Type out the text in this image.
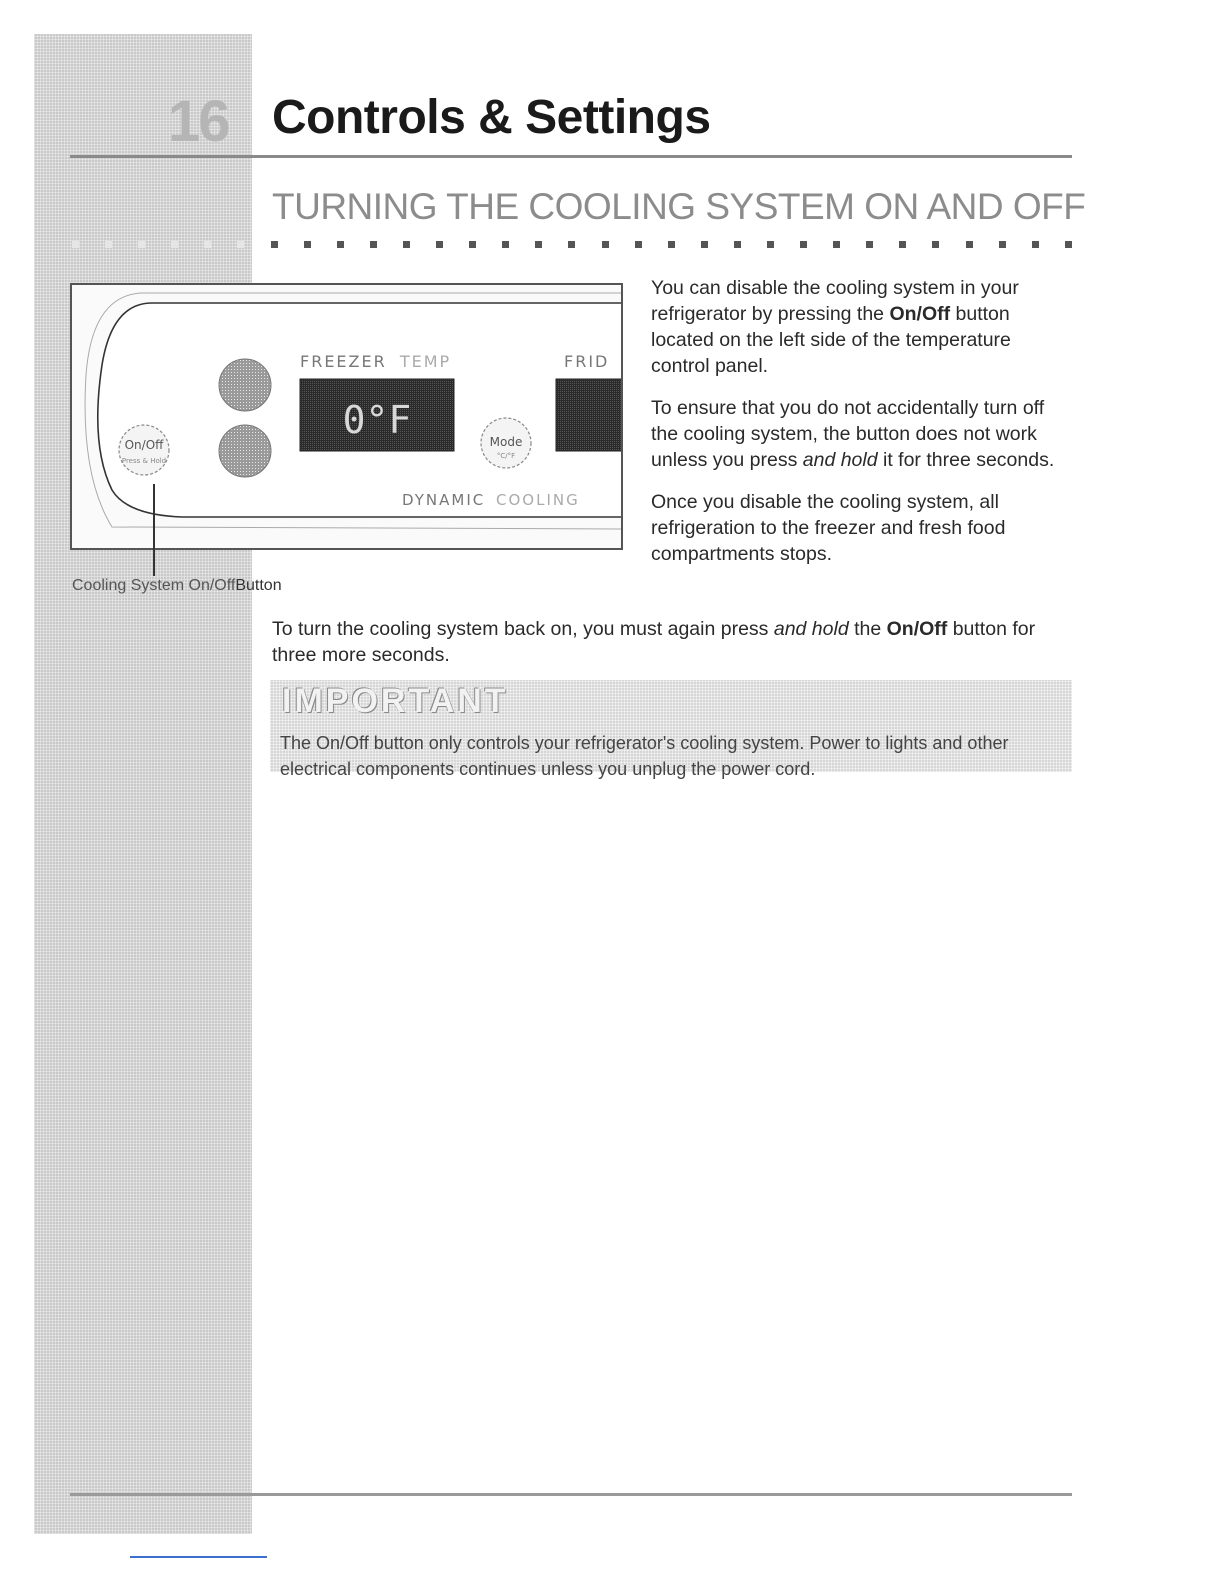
16 Controls & Settings
TURNING THE COOLING SYSTEM ON AND OFF
On/Off
Press & Hold
FREEZER TEMP	FRID
0°F	Mode
°C/°F
DYNAMIC COOLING
Cooling System On/OffButton

You can disable the cooling system in your refrigerator by pressing the On/Off button located on the left side of the temperature control panel.

To ensure that you do not accidentally turn off the cooling system, the button does not work unless you press and hold it for three seconds.

Once you disable the cooling system, all refrigeration to the freezer and fresh food compartments stops.

To turn the cooling system back on, you must again press and hold the On/Off button for three more seconds.
IMPORTANT
The On/Off button only controls your refrigerator's cooling system. Power to lights and other electrical components continues unless you unplug the power cord.
